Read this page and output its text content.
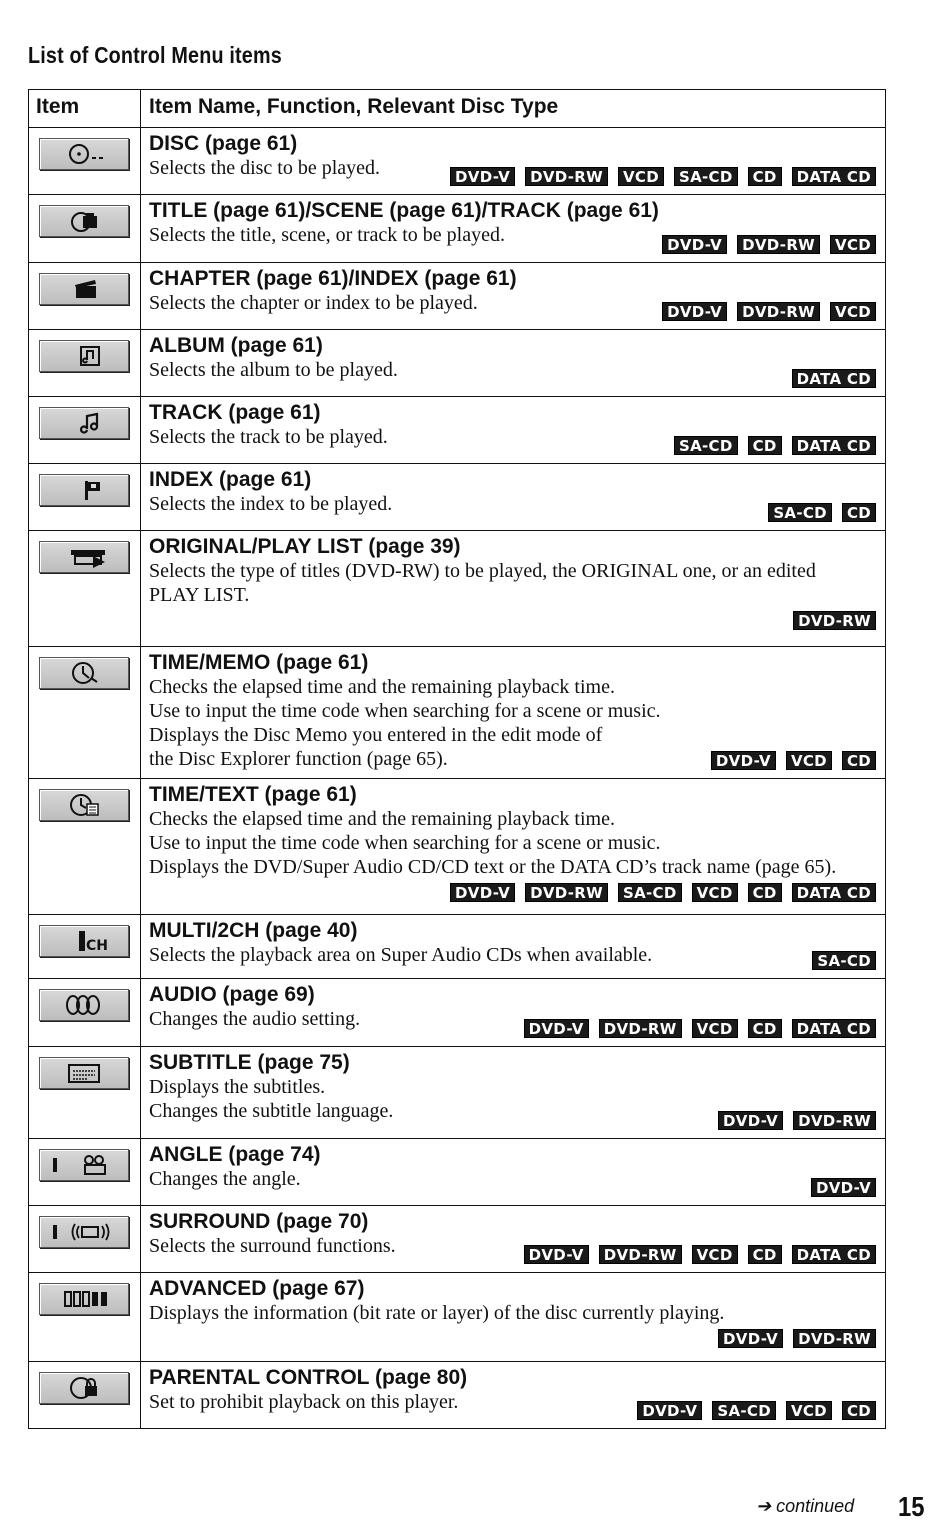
List of Control Menu items
Item	Item Name, Function, Relevant Disc Type
DISC (page 61)
Selects the disc to be played.	DVD-V	DVD-RW	VCD	SA-CD	CD	DATA CD
TITLE (page 61)/SCENE (page 61)/TRACK (page 61)
Selects the title, scene, or track to be played.	DVD-V	DVD-RW	VCD
CHAPTER (page 61)/INDEX (page 61)
Selects the chapter or index to be played.	DVD-V	DVD-RW	VCD
ALBUM (page 61)
Selects the album to be played.	DATA CD
TRACK (page 61)
Selects the track to be played.	SA-CD	CD	DATA CD
INDEX (page 61)
Selects the index to be played.	SA-CD	CD
ORIGINAL/PLAY LIST (page 39)
Selects the type of titles (DVD-RW) to be played, the ORIGINAL one, or an edited
PLAY LIST.
DVD-RW
TIME/MEMO (page 61)
Checks the elapsed time and the remaining playback time.
Use to input the time code when searching for a scene or music.
Displays the Disc Memo you entered in the edit mode of
the Disc Explorer function (page 65).	DVD-V	VCD	CD
TIME/TEXT (page 61)
Checks the elapsed time and the remaining playback time.
Use to input the time code when searching for a scene or music.
Displays the DVD/Super Audio CD/CD text or the DATA CD’s track name (page 65).
DVD-V	DVD-RW	SA-CD	VCD	CD	DATA CD
CH
MULTI/2CH (page 40)
Selects the playback area on Super Audio CDs when available.	SA-CD
AUDIO (page 69)
Changes the audio setting.	DVD-V	DVD-RW	VCD	CD	DATA CD
SUBTITLE (page 75)
Displays the subtitles.
Changes the subtitle language.	DVD-V	DVD-RW
ANGLE (page 74)
Changes the angle.	DVD-V
SURROUND (page 70)
Selects the surround functions.	DVD-V	DVD-RW	VCD	CD	DATA CD
ADVANCED (page 67)
Displays the information (bit rate or layer) of the disc currently playing.
DVD-V	DVD-RW
PARENTAL CONTROL (page 80)
Set to prohibit playback on this player.	DVD-V	SA-CD	VCD	CD
➔ continued 15
